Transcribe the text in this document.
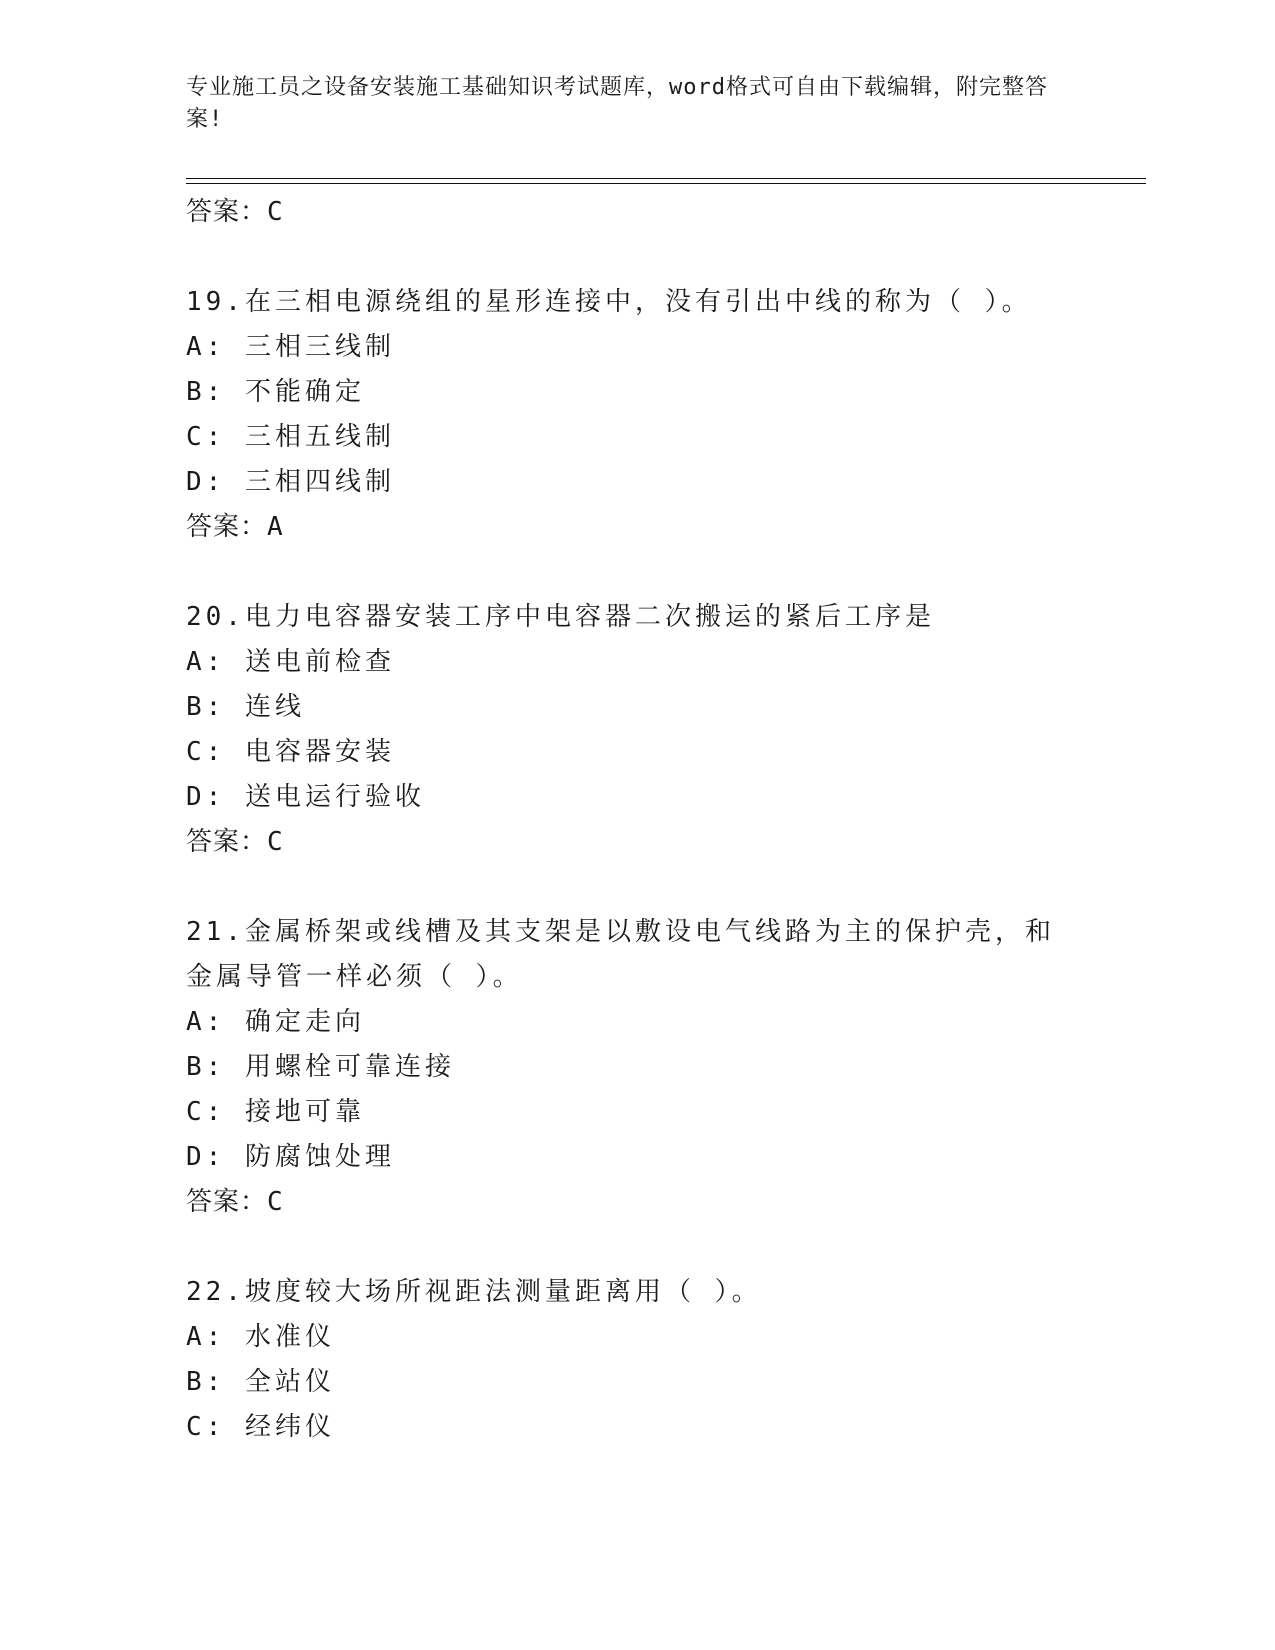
专业施工员之设备安装施工基础知识考试题库，word格式可自由下载编辑，附完整答案!
答案：C
19.在三相电源绕组的星形连接中，没有引出中线的称为（ ）。
A: 三相三线制
B: 不能确定
C: 三相五线制
D: 三相四线制
答案：A
20.电力电容器安装工序中电容器二次搬运的紧后工序是
A: 送电前检查
B: 连线
C: 电容器安装
D: 送电运行验收
答案：C
21.金属桥架或线槽及其支架是以敷设电气线路为主的保护壳，和金属导管一样必须（ ）。
A: 确定走向
B: 用螺栓可靠连接
C: 接地可靠
D: 防腐蚀处理
答案：C
22.坡度较大场所视距法测量距离用（ ）。
A: 水准仪
B: 全站仪
C: 经纬仪
